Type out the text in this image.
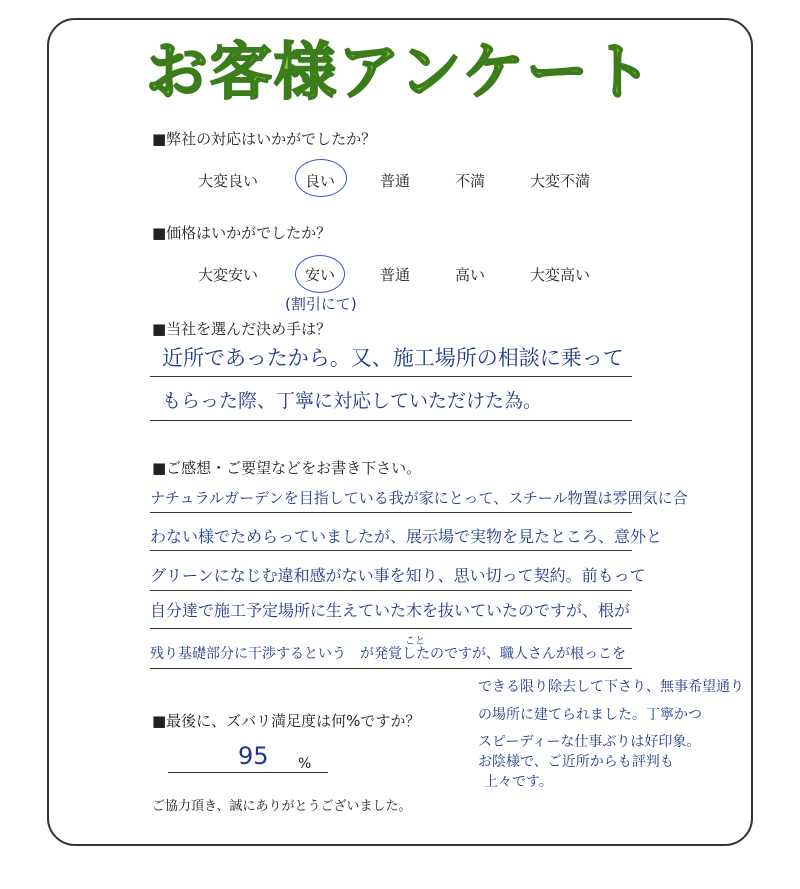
お客様アンケート
■弊社の対応はいかがでしたか？
大変良い	良い	普通	不満	大変不満
■価格はいかがでしたか？
大変安い	安い	普通	高い	大変高い
(割引にて)
■当社を選んだ決め手は？
近所であったから。又、施工場所の相談に乗って
もらった際、丁寧に対応していただけた為。
■ご感想・ご要望などをお書き下さい。
ナチュラルガーデンを目指している我が家にとって、スチール物置は雰囲気に合
わない様でためらっていましたが、展示場で実物を見たところ、意外と
グリーンになじむ違和感がない事を知り、思い切って契約。前もって
自分達で施工予定場所に生えていた木を抜いていたのですが、根が
こと
残り基礎部分に干渉するという　が発覚したのですが、職人さんが根っこを
できる限り除去して下さり、無事希望通り
の場所に建てられました。丁寧かつ
スピーディーな仕事ぶりは好印象。
お陰様で、ご近所からも評判も
上々です。
■最後に、ズバリ満足度は何%ですか？
95 %
ご協力頂き、誠にありがとうございました。
